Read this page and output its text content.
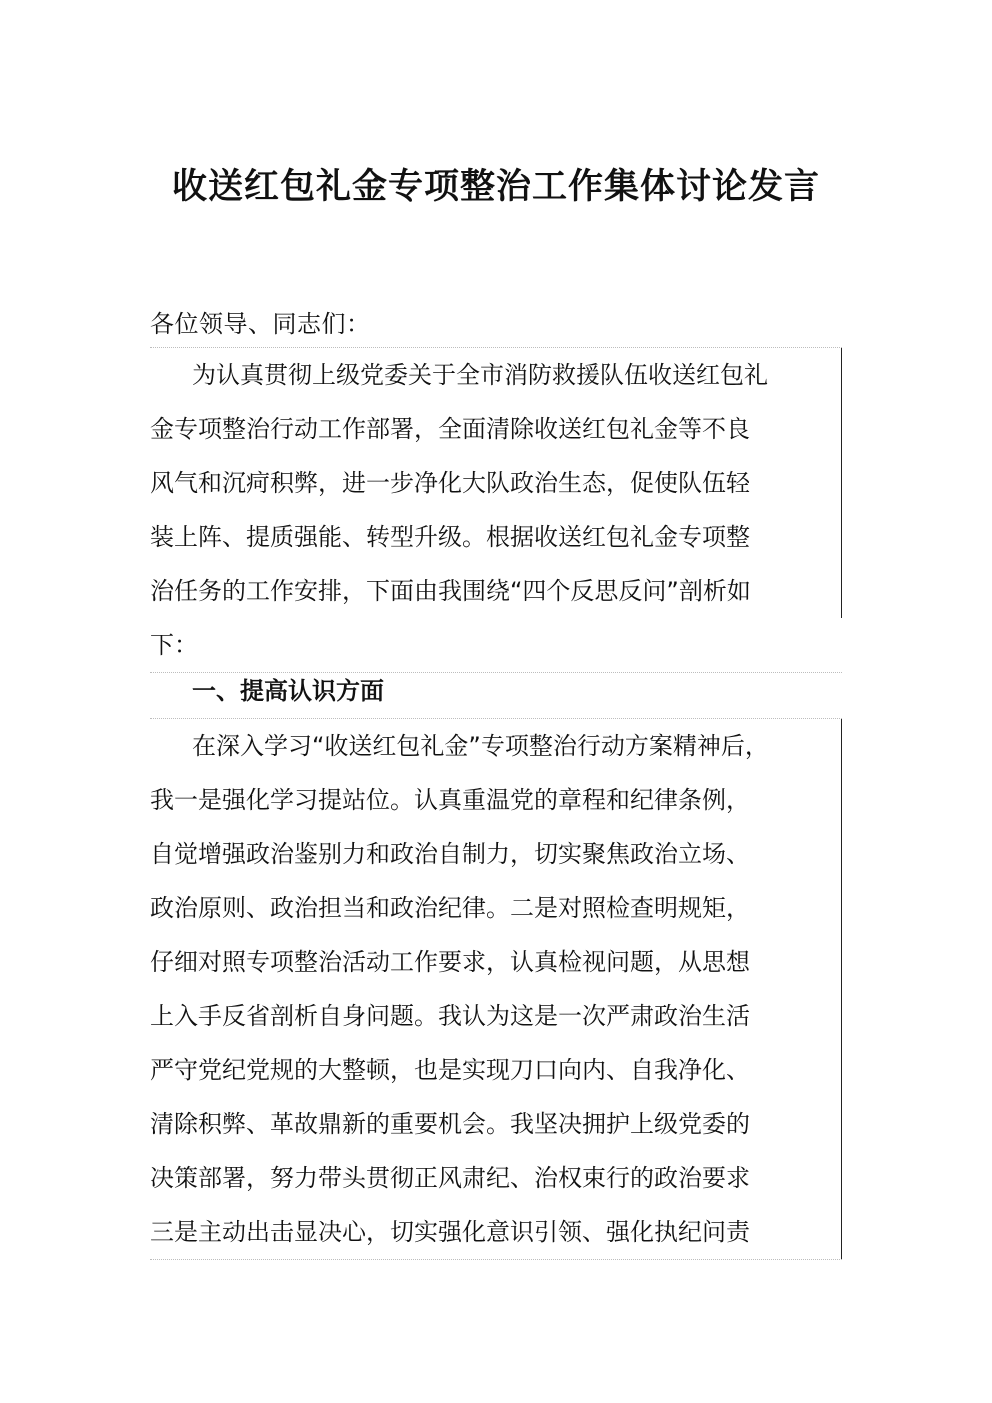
收送红包礼金专项整治工作集体讨论发言

各位领导、同志们：

为认真贯彻上级党委关于全市消防救援队伍收送红包礼
金专项整治行动工作部署，全面清除收送红包礼金等不良
风气和沉疴积弊，进一步净化大队政治生态，促使队伍轻
装上阵、提质强能、转型升级。根据收送红包礼金专项整
治任务的工作安排，下面由我围绕“四个反思反问”剖析如
下：
一、提高认识方面
在深入学习“收送红包礼金”专项整治行动方案精神后，
我一是强化学习提站位。认真重温党的章程和纪律条例，
自觉增强政治鉴别力和政治自制力，切实聚焦政治立场、
政治原则、政治担当和政治纪律。二是对照检查明规矩，
仔细对照专项整治活动工作要求，认真检视问题，从思想
上入手反省剖析自身问题。我认为这是一次严肃政治生活
严守党纪党规的大整顿，也是实现刀口向内、自我净化、
清除积弊、革故鼎新的重要机会。我坚决拥护上级党委的
决策部署，努力带头贯彻正风肃纪、治权束行的政治要求
三是主动出击显决心，切实强化意识引领、强化执纪问责
